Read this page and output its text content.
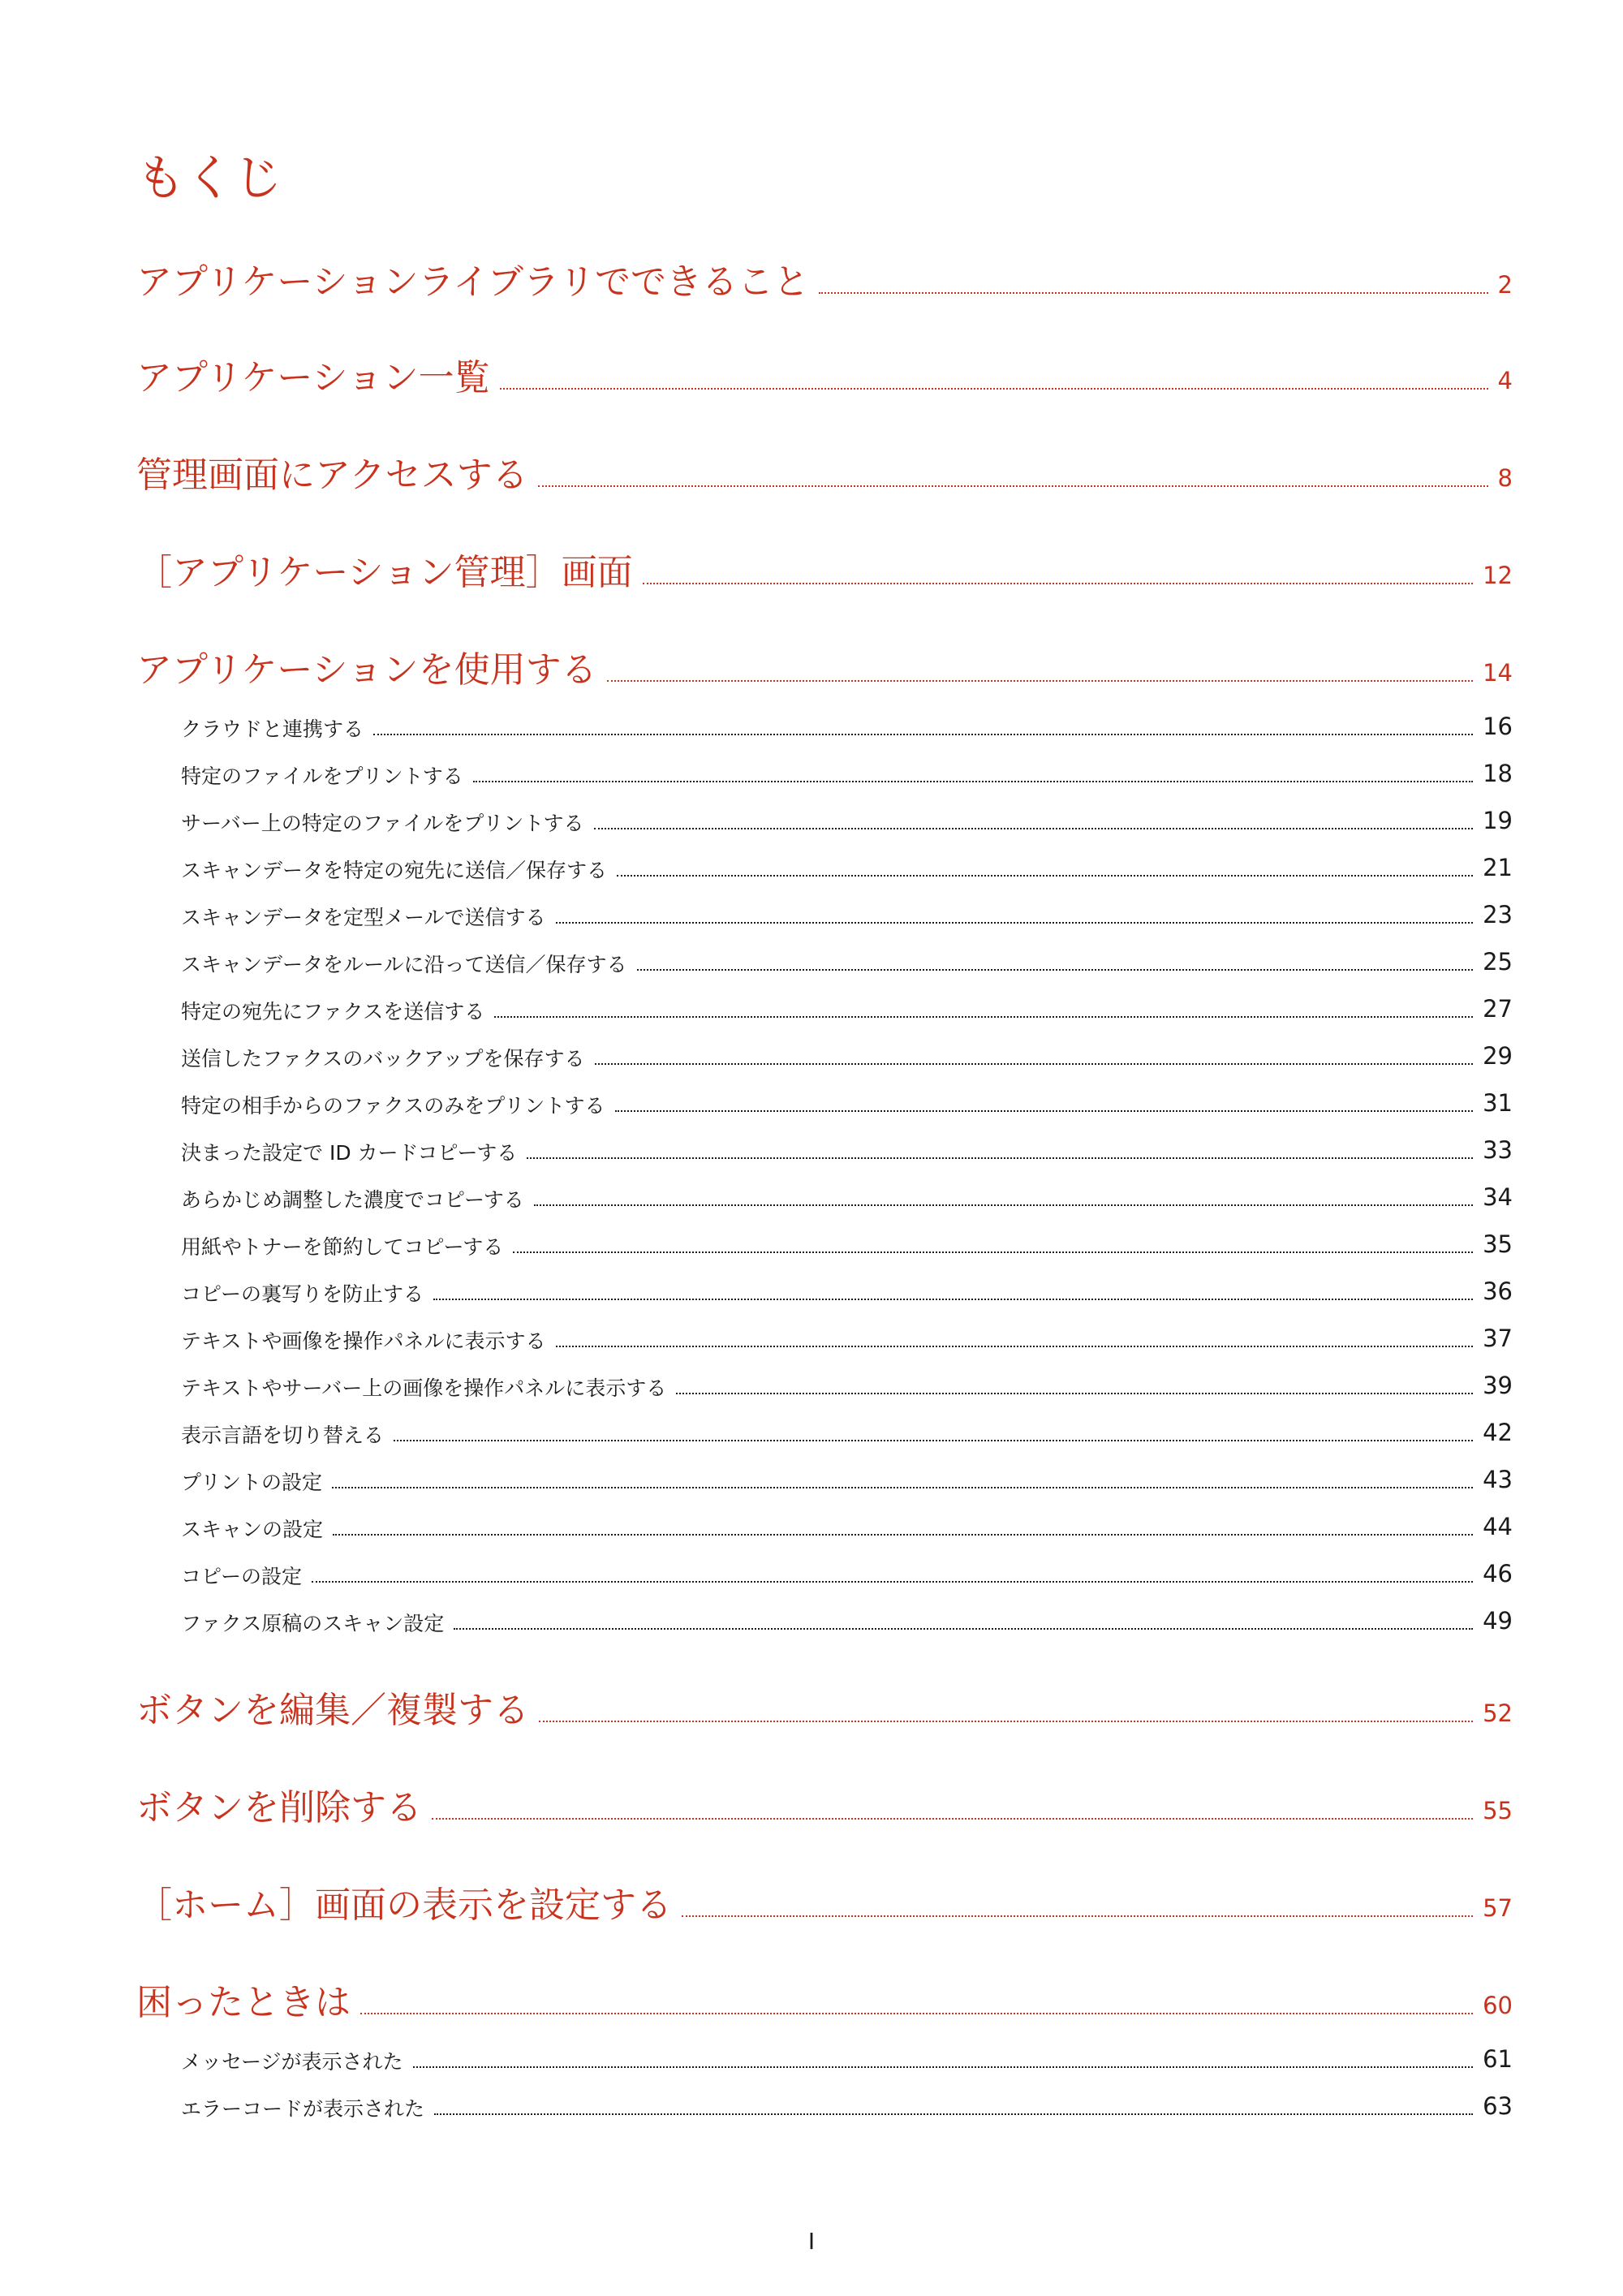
もくじ
アプリケーションライブラリでできること	2
アプリケーション一覧	4
管理画面にアクセスする	8
［アプリケーション管理］画面	12
アプリケーションを使用する	14
クラウドと連携する	16
特定のファイルをプリントする	18
サーバー上の特定のファイルをプリントする	19
スキャンデータを特定の宛先に送信／保存する	21
スキャンデータを定型メールで送信する	23
スキャンデータをルールに沿って送信／保存する	25
特定の宛先にファクスを送信する	27
送信したファクスのバックアップを保存する	29
特定の相手からのファクスのみをプリントする	31
決まった設定で ID カードコピーする	33
あらかじめ調整した濃度でコピーする	34
用紙やトナーを節約してコピーする	35
コピーの裏写りを防止する	36
テキストや画像を操作パネルに表示する	37
テキストやサーバー上の画像を操作パネルに表示する	39
表示言語を切り替える	42
プリントの設定	43
スキャンの設定	44
コピーの設定	46
ファクス原稿のスキャン設定	49
ボタンを編集／複製する	52
ボタンを削除する	55
［ホーム］画面の表示を設定する	57
困ったときは	60
メッセージが表示された	61
エラーコードが表示された	63
I
